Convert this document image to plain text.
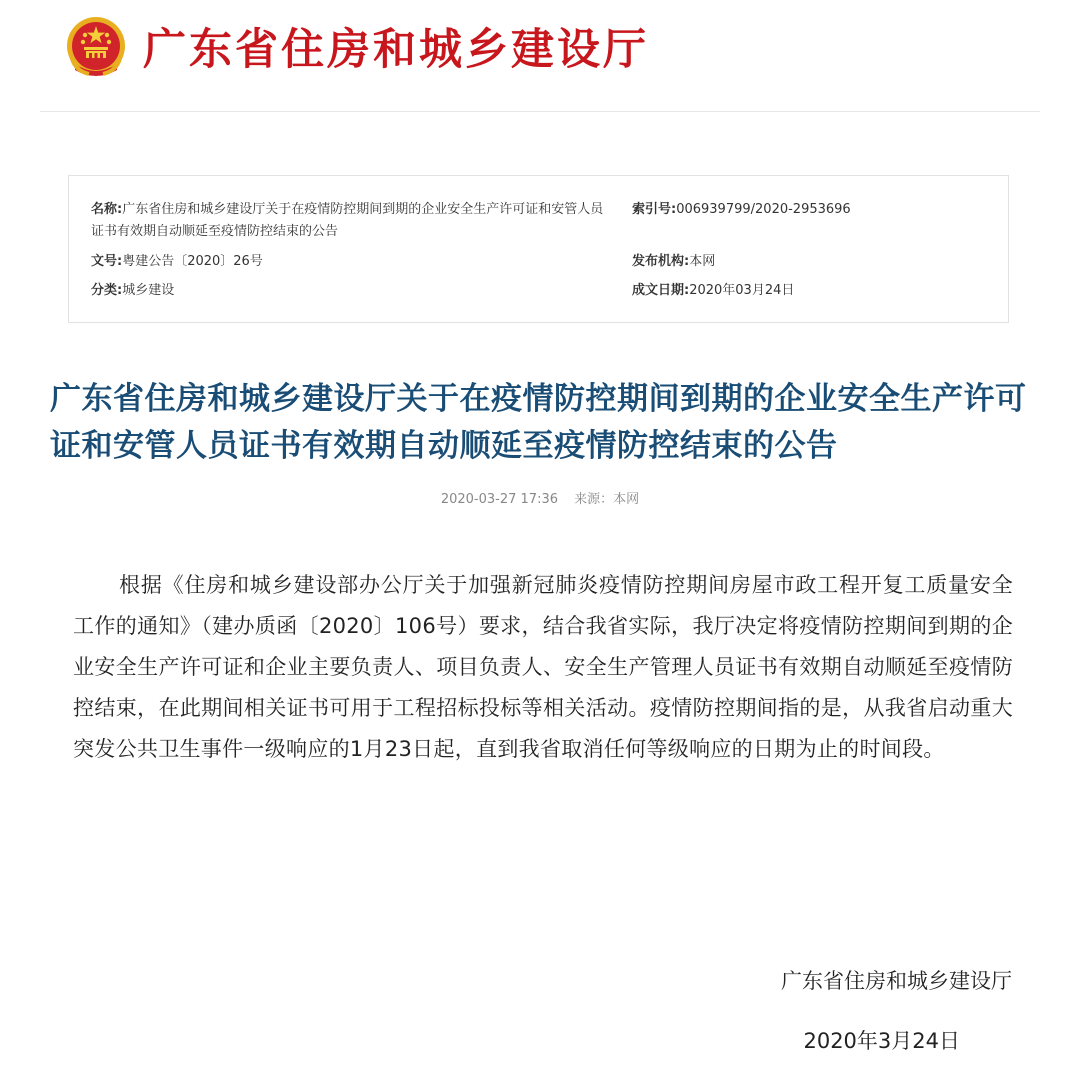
广东省住房和城乡建设厅
名称:广东省住房和城乡建设厅关于在疫情防控期间到期的企业安全生产许可证和安管人员证书有效期自动顺延至疫情防控结束的公告
文号:粤建公告〔2020〕26号
分类:城乡建设
索引号:006939799/2020-2953696
发布机构:本网
成文日期:2020年03月24日
广东省住房和城乡建设厅关于在疫情防控期间到期的企业安全生产许可证和安管人员证书有效期自动顺延至疫情防控结束的公告
2020-03-27 17:36 来源：本网

根据《住房和城乡建设部办公厅关于加强新冠肺炎疫情防控期间房屋市政工程开复工质量安全工作的通知》（建办质函〔2020〕106号）要求，结合我省实际，我厅决定将疫情防控期间到期的企业安全生产许可证和企业主要负责人、项目负责人、安全生产管理人员证书有效期自动顺延至疫情防控结束，在此期间相关证书可用于工程招标投标等相关活动。疫情防控期间指的是，从我省启动重大突发公共卫生事件一级响应的1月23日起，直到我省取消任何等级响应的日期为止的时间段。

广东省住房和城乡建设厅
2020年3月24日
